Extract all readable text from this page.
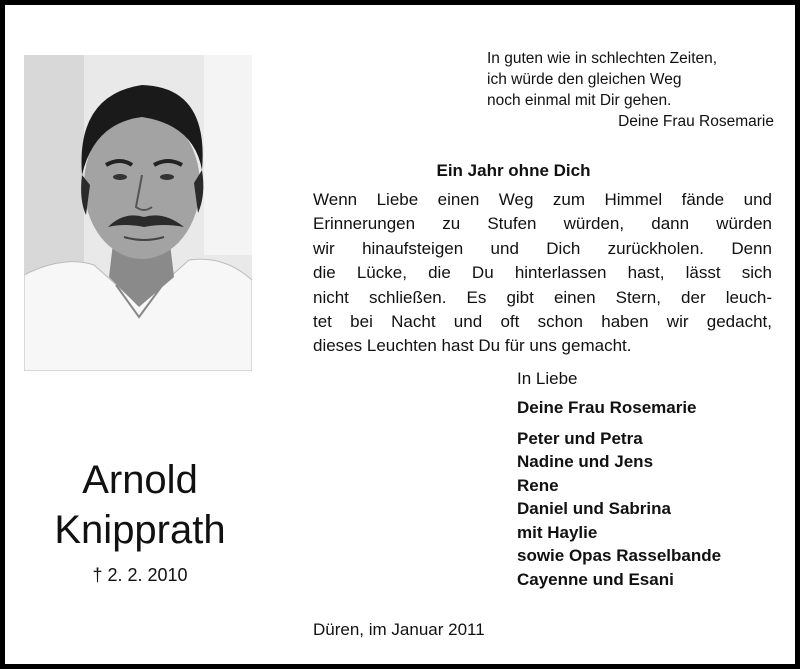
Arnold
Knipprath
† 2. 2. 2010
In guten wie in schlechten Zeiten,
ich würde den gleichen Weg
noch einmal mit Dir gehen.
Deine Frau Rosemarie
Ein Jahr ohne Dich
Wenn Liebe einen Weg zum Himmel fände und
Erinnerungen zu Stufen würden, dann würden
wir hinaufsteigen und Dich zurückholen. Denn
die Lücke, die Du hinterlassen hast, lässt sich
nicht schließen. Es gibt einen Stern, der leuch-
tet bei Nacht und oft schon haben wir gedacht,
dieses Leuchten hast Du für uns gemacht.
In Liebe
Deine Frau Rosemarie
Peter und Petra
Nadine und Jens
Rene
Daniel und Sabrina
mit Haylie
sowie Opas Rasselbande
Cayenne und Esani
Düren, im Januar 2011
